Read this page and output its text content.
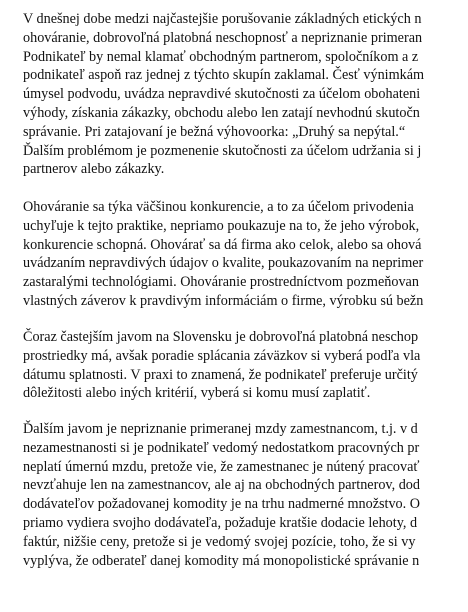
V dnešnej dobe medzi najčastejšie porušovanie základných etických n
ohováranie, dobrovoľná platobná neschopnosť a nepriznanie primeran
Podnikateľ by nemal klamať obchodným partnerom, spoločníkom a z
podnikateľ aspoň raz jednej z týchto skupín zaklamal. Česť výnimkám
úmysel podvodu, uvádza nepravdivé skutočnosti za účelom obohateni
výhody, získania zákazky, obchodu alebo len zatají nevhodnú skutočn
správanie. Pri zatajovaní je bežná výhovoorka: „Druhý sa nepýtal.“
Ďalším problémom je pozmenenie skutočnosti za účelom udržania si j
partnerov alebo zákazky.
Ohováranie sa týka väčšinou konkurencie, a to za účelom privodenia
uchyľuje k tejto praktike, nepriamo poukazuje na to, že jeho výrobok,
konkurencie schopná. Ohovárať sa dá firma ako celok, alebo sa ohová
uvádzaním nepravdivých údajov o kvalite, poukazovaním na neprimer
zastaralými technológiami. Ohováranie prostredníctvom pozmeňovan
vlastných záverov k pravdivým informáciám o firme, výrobku sú bežn
Čoraz častejším javom na Slovensku je dobrovoľná platobná neschop
prostriedky má, avšak poradie splácania záväzkov si vyberá podľa vla
dátumu splatnosti. V praxi to znamená, že podnikateľ preferuje určitý
dôležitosti alebo iných kritérií, vyberá si komu musí zaplatiť.
Ďalším javom je nepriznanie primeranej mzdy zamestnancom, t.j. v d
nezamestnanosti si je podnikateľ vedomý nedostatkom pracovných pr
neplatí úmernú mzdu, pretože vie, že zamestnanec je nútený pracovať
nevzťahuje len na zamestnancov, ale aj na obchodných partnerov, dod
dodávateľov požadovanej komodity je na trhu nadmerné množstvo. O
priamo vydiera svojho dodávateľa, požaduje kratšie dodacie lehoty, d
faktúr, nižšie ceny, pretože si je vedomý svojej pozície, toho, že si vy
vyplýva, že odberateľ danej komodity má monopolistické správanie n
